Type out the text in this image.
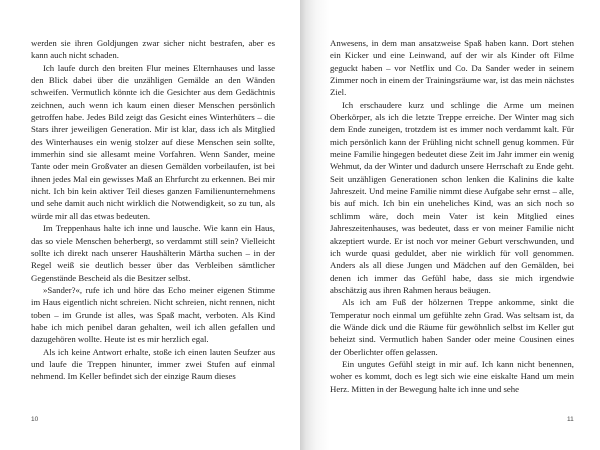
werden sie ihren Goldjungen zwar sicher nicht bestrafen, aber es kann auch nicht schaden.

Ich laufe durch den breiten Flur meines Elternhauses und lasse den Blick dabei über die unzähligen Gemälde an den Wänden schweifen. Vermutlich könnte ich die Gesichter aus dem Gedächtnis zeichnen, auch wenn ich kaum einen dieser Menschen persönlich getroffen habe. Jedes Bild zeigt das Gesicht eines Winterhüters – die Stars ihrer jeweiligen Generation. Mir ist klar, dass ich als Mitglied des Winterhauses ein wenig stolzer auf diese Menschen sein sollte, immerhin sind sie allesamt meine Vorfahren. Wenn Sander, meine Tante oder mein Großvater an diesen Gemälden vorbeilaufen, ist bei ihnen jedes Mal ein gewisses Maß an Ehrfurcht zu erkennen. Bei mir nicht. Ich bin kein aktiver Teil dieses ganzen Familienunternehmens und sehe damit auch nicht wirklich die Notwendigkeit, so zu tun, als würde mir all das etwas bedeuten.

Im Treppenhaus halte ich inne und lausche. Wie kann ein Haus, das so viele Menschen beherbergt, so verdammt still sein? Vielleicht sollte ich direkt nach unserer Haushälterin Märtha suchen – in der Regel weiß sie deutlich besser über das Verbleiben sämtlicher Gegenstände Bescheid als die Besitzer selbst.

»Sander?«, rufe ich und höre das Echo meiner eigenen Stimme im Haus eigentlich nicht schreien. Nicht schreien, nicht rennen, nicht toben – im Grunde ist alles, was Spaß macht, verboten. Als Kind habe ich mich penibel daran gehalten, weil ich allen gefallen und dazugehören wollte. Heute ist es mir herzlich egal.

Als ich keine Antwort erhalte, stoße ich einen lauten Seufzer aus und laufe die Treppen hinunter, immer zwei Stufen auf einmal nehmend. Im Keller befindet sich der einzige Raum dieses

10

Anwesens, in dem man ansatzweise Spaß haben kann. Dort stehen ein Kicker und eine Leinwand, auf der wir als Kinder oft Filme geguckt haben – vor Netflix und Co. Da Sander weder in seinem Zimmer noch in einem der Trainingsräume war, ist das mein nächstes Ziel.

Ich erschaudere kurz und schlinge die Arme um meinen Oberkörper, als ich die letzte Treppe erreiche. Der Winter mag sich dem Ende zuneigen, trotzdem ist es immer noch verdammt kalt. Für mich persönlich kann der Frühling nicht schnell genug kommen. Für meine Familie hingegen bedeutet diese Zeit im Jahr immer ein wenig Wehmut, da der Winter und dadurch unsere Herrschaft zu Ende geht. Seit unzähligen Generationen schon lenken die Kalinins die kalte Jahreszeit. Und meine Familie nimmt diese Aufgabe sehr ernst – alle, bis auf mich. Ich bin ein uneheliches Kind, was an sich noch so schlimm wäre, doch mein Vater ist kein Mitglied eines Jahreszeitenhauses, was bedeutet, dass er von meiner Familie nicht akzeptiert wurde. Er ist noch vor meiner Geburt verschwunden, und ich wurde quasi geduldet, aber nie wirklich für voll genommen. Anders als all diese Jungen und Mädchen auf den Gemälden, bei denen ich immer das Gefühl habe, dass sie mich irgendwie abschätzig aus ihren Rahmen heraus beäugen.

Als ich am Fuß der hölzernen Treppe ankomme, sinkt die Temperatur noch einmal um gefühlte zehn Grad. Was seltsam ist, da die Wände dick und die Räume für gewöhnlich selbst im Keller gut beheizt sind. Vermutlich haben Sander oder meine Cousinen eines der Oberlichter offen gelassen.

Ein ungutes Gefühl steigt in mir auf. Ich kann nicht benennen, woher es kommt, doch es legt sich wie eine eiskalte Hand um mein Herz. Mitten in der Bewegung halte ich inne und sehe

11
